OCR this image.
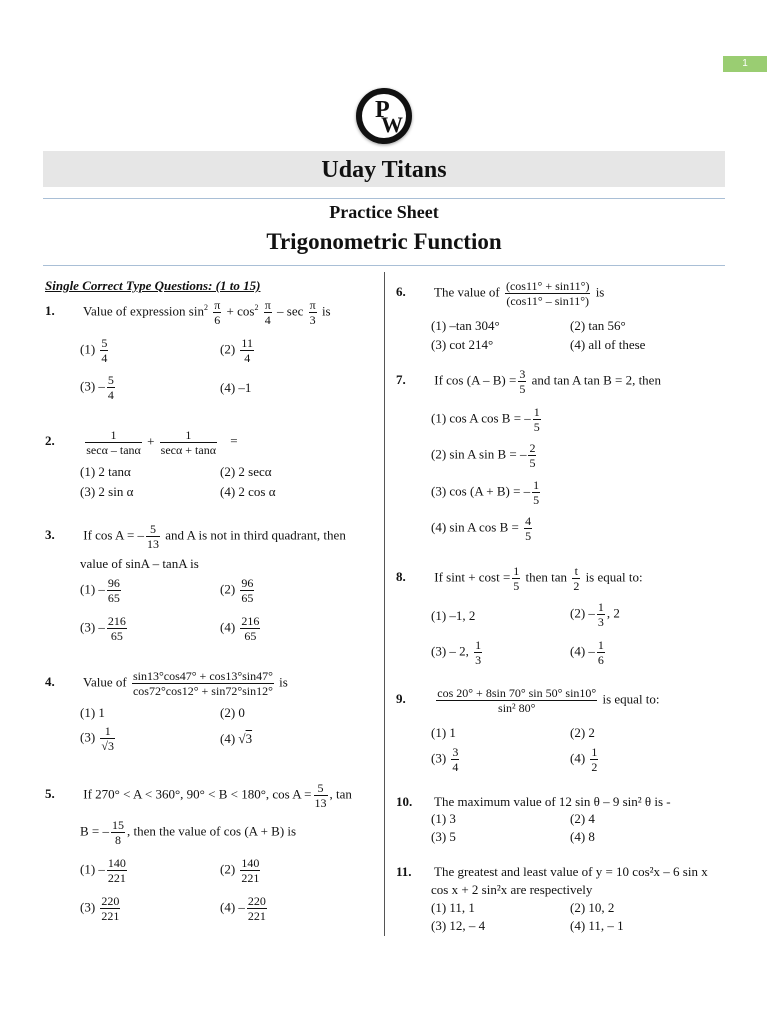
1
P
W
Uday Titans
Practice Sheet
Trigonometric Function
Single Correct Type Questions: (1 to 15)
1. Value of expression $\sin^2 \frac{\pi}{6} + \cos^2 \frac{\pi}{4} - \sec \frac{\pi}{3}$ is
$(1) \frac{5}{4}$	$(2) \frac{11}{4}$
$(3) - \frac{5}{4}$	(4) –1
2.	$\frac{1}{\sec\alpha - \tan\alpha} + \frac{1}{\sec\alpha + \tan\alpha}$ =
(1) 2 tanα	(2) 2 secα
(3) 2 sin α	(4) 2 cos α
3. If cos A = – $\frac{5}{13}$ and A is not in third quadrant, then
value of sinA – tanA is
$(1) - \frac{96}{65}$	$(2) \frac{96}{65}$
$(3) - \frac{216}{65}$	$(4) \frac{216}{65}$
4. Value of $\frac{\sin 13^\circ\cos 47^\circ + \cos 13^\circ\sin 47^\circ}{\cos 72^\circ\cos 12^\circ + \sin 72^\circ\sin 12^\circ}$ is
(1) 1	(2) 0
$(3) \frac{1}{√3}$	(4) √3
5. If 270° < A < 360°, 90° < B < 180°, $\cos A = \frac{5}{13}$ , tan
B = – $\frac{15}{8}$ , then the value of cos (A + B) is
$(1) - \frac{140}{221}$	$(2) \frac{140}{221}$
$(3) \frac{220}{221}$	$(4) - \frac{220}{221}$
6. The value of $\frac{(\cos 11^\circ + \sin 11^\circ)}{(\cos 11^\circ - \sin 11^\circ)}$ is
(1) –tan 304°	(2) tan 56°
(3) cot 214°	(4) all of these
7. If $\cos (A - B) = \frac{3}{5}$ and tan A tan B = 2, then
(1) cos A cos B = – $\frac{1}{5}$
(2) sin A sin B = – $\frac{2}{5}$
(3) cos (A + B) = – $\frac{1}{5}$
(4) sin A $\cos B = \frac{4}{5}$
8. If $\sin t + \cos t = \frac{1}{5}$ then $\tan \frac{t}{2}$ is equal to:
(1) –1, 2	$(2) - \frac{1}{3}$ , 2
(3) – 2, $\frac{1}{3}$	$(4) - \frac{1}{6}$
9.	$\frac{\cos 20^\circ + 8\sin 70^\circ \sin 50^\circ \sin 10^\circ}{\text{sin² 80°}}$ is equal to:
(1) 1	(2) 2
$(3) \frac{3}{4}$	$(4) \frac{1}{2}$
10. The maximum value of 12 sin θ – 9 sin² θ is -
(1) 3	(2) 4
(3) 5	(4) 8
11. The greatest and least value of y = 10 cos²x – 6 sin x
cos x + 2 sin²x are respectively
(1) 11, 1	(2) 10, 2
(3) 12, – 4	(4) 11, – 1
